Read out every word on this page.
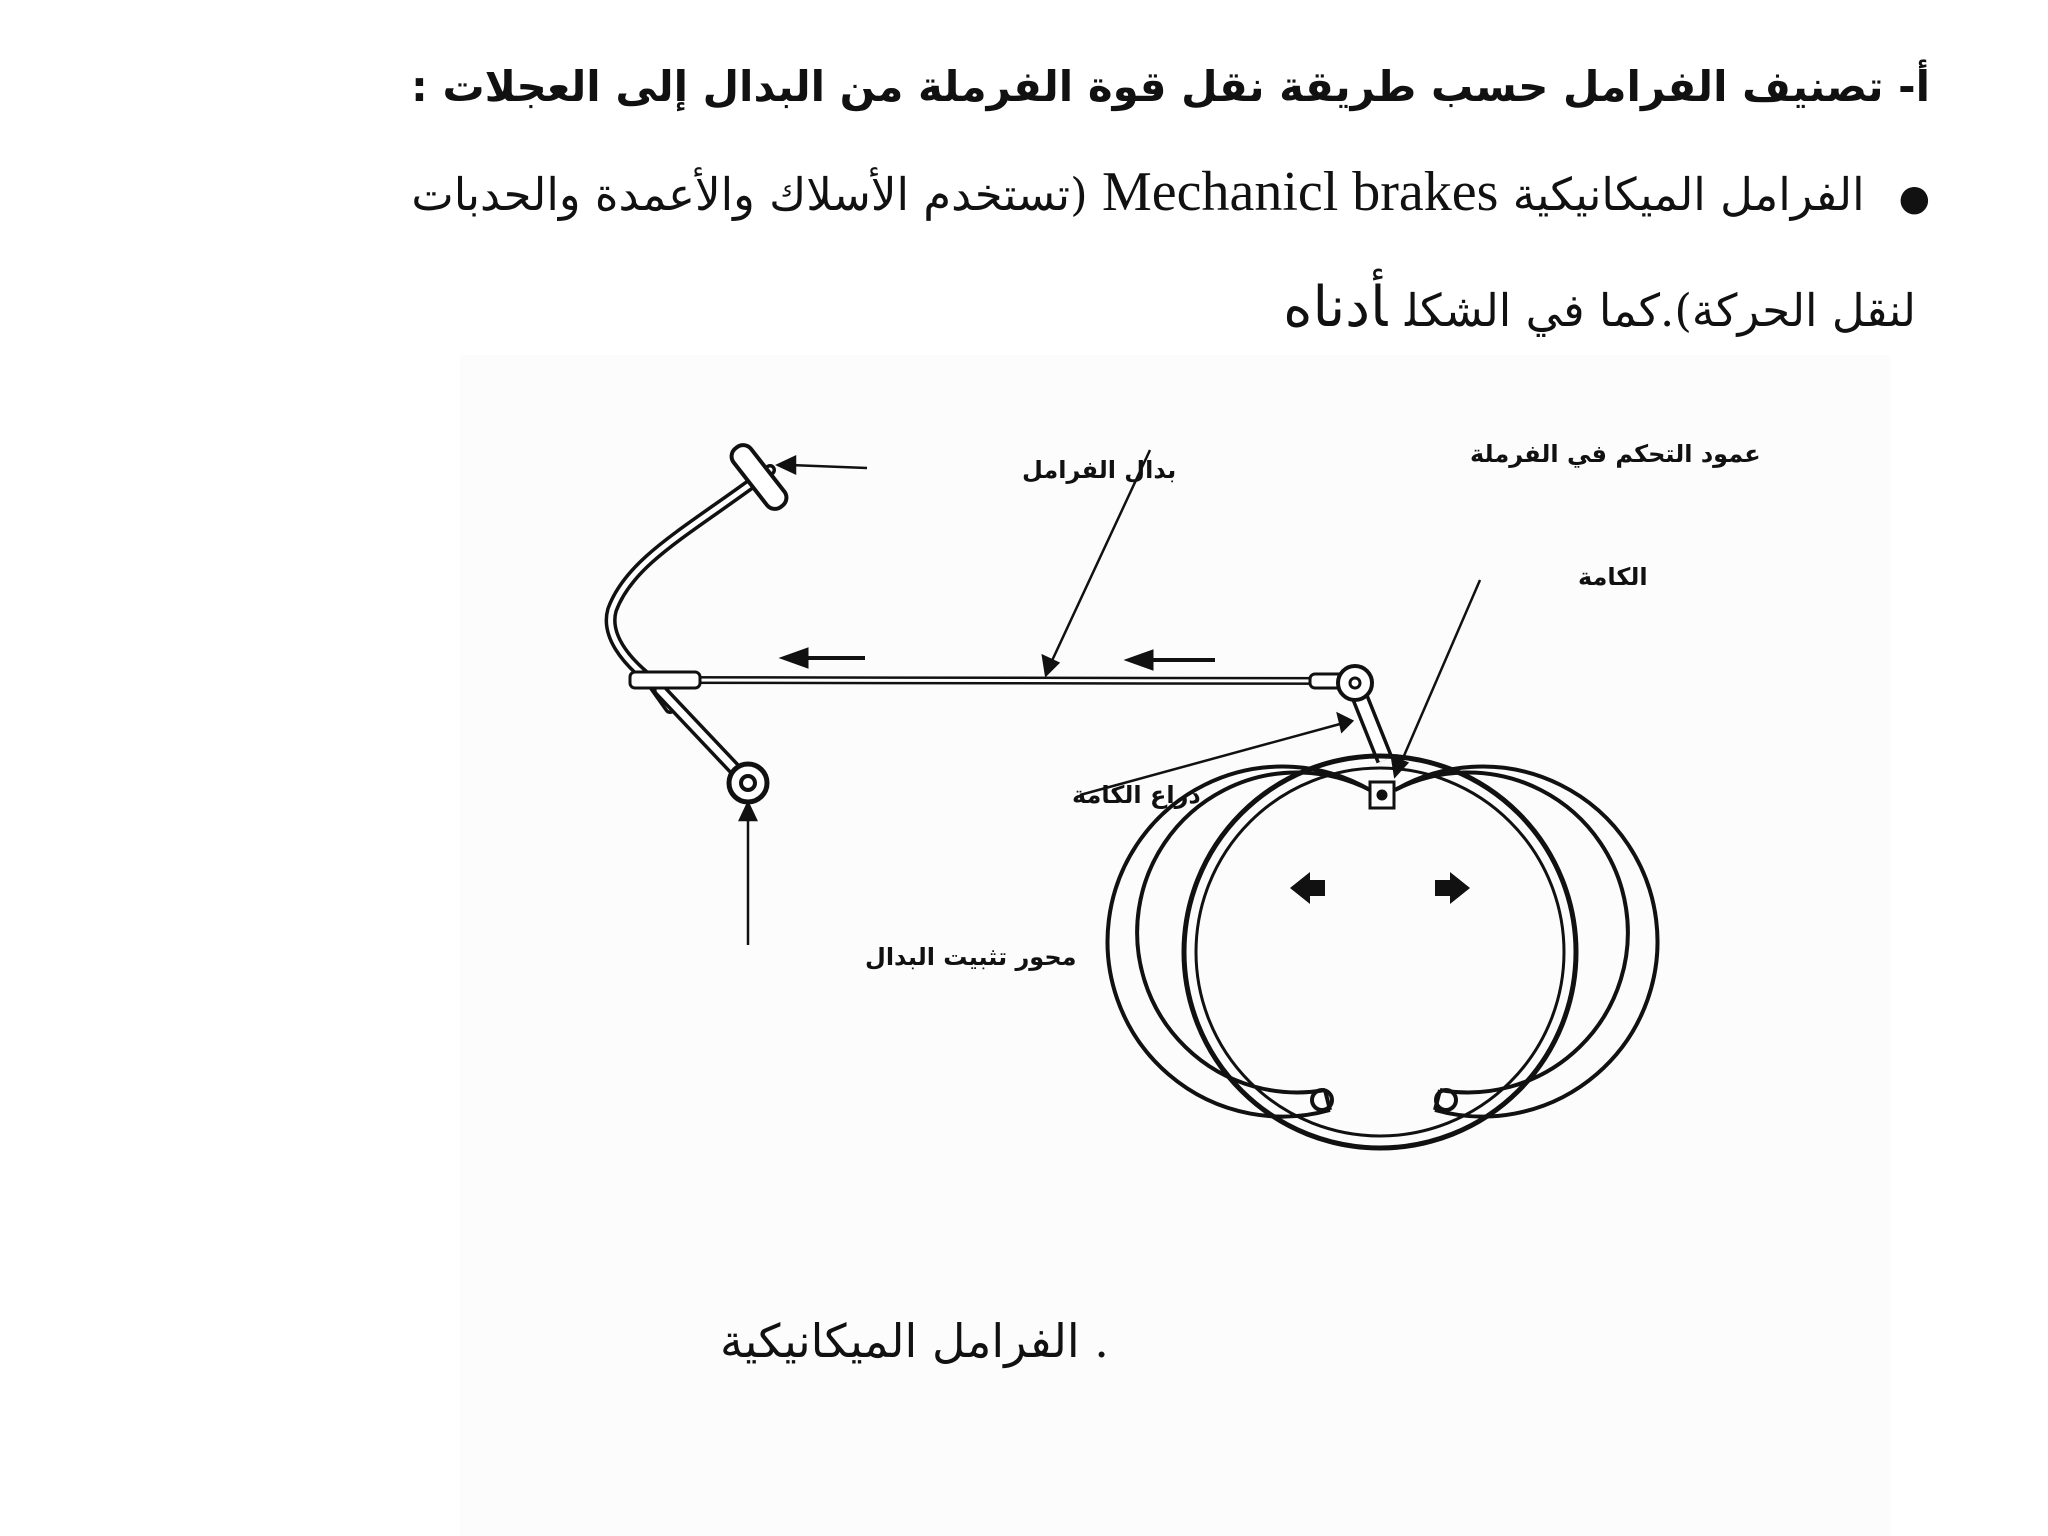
أ- تصنيف الفرامل حسب طريقة نقل قوة الفرملة من البدال إلى العجلات :

●الفرامل الميكانيكية Mechanicl brakes (تستخدم الأسلاك والأعمدة والحدبات

لنقل الحركة).كما في الشكلأدناه

بدال الفرامل
عمود التحكم في الفرملة
الكامة
ذراع الكامة
محور تثبيت البدال

. الفرامل الميكانيكية
